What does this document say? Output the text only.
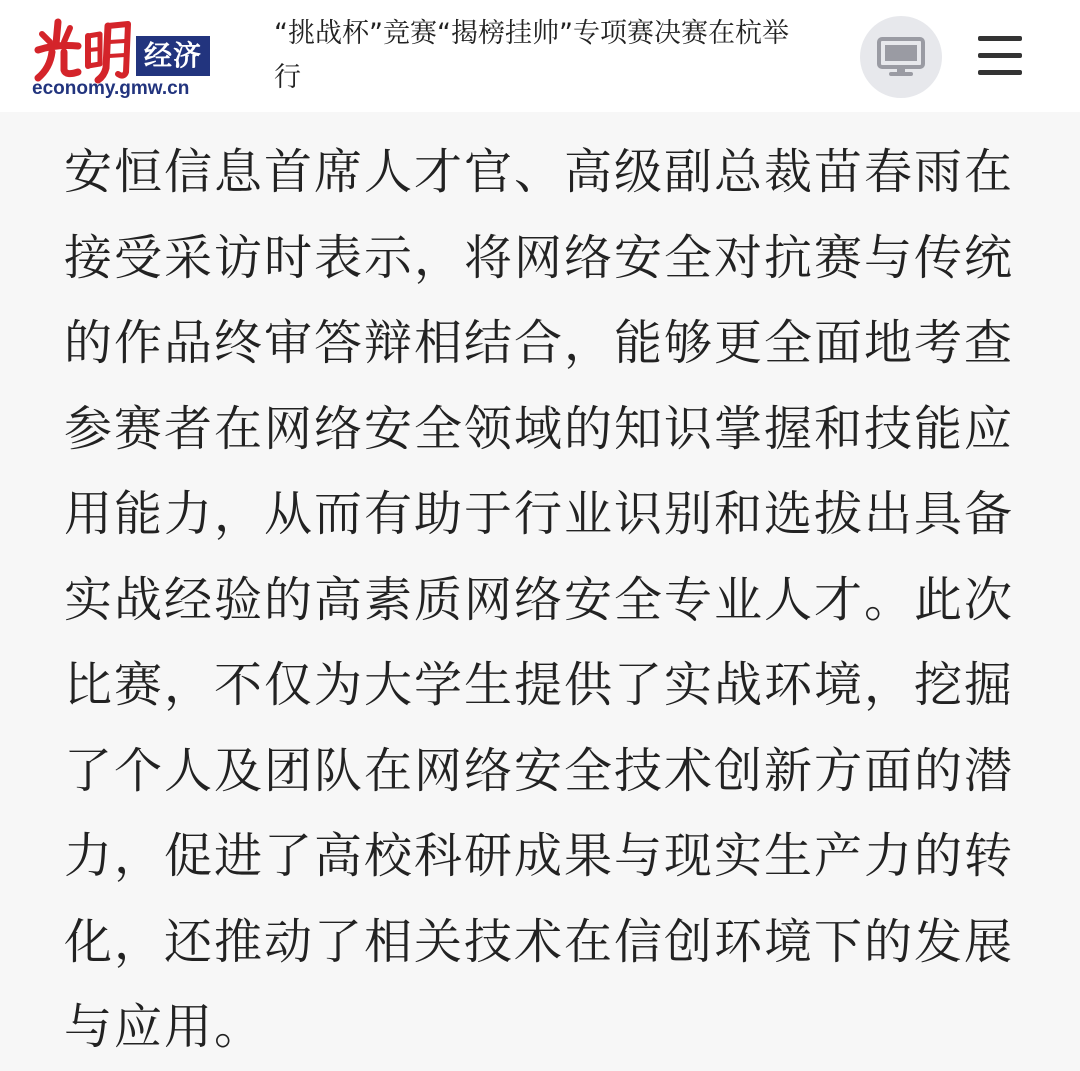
经济
economy.gmw.cn
“挑战杯”竞赛“揭榜挂帅”专项赛决赛在杭举行

安恒信息首席人才官、高级副总裁苗春雨在接受采访时表示，将网络安全对抗赛与传统的作品终审答辩相结合，能够更全面地考查参赛者在网络安全领域的知识掌握和技能应用能力，从而有助于行业识别和选拔出具备实战经验的高素质网络安全专业人才。此次比赛，不仅为大学生提供了实战环境，挖掘了个人及团队在网络安全技术创新方面的潜力，促进了高校科研成果与现实生产力的转化，还推动了相关技术在信创环境下的发展与应用。
